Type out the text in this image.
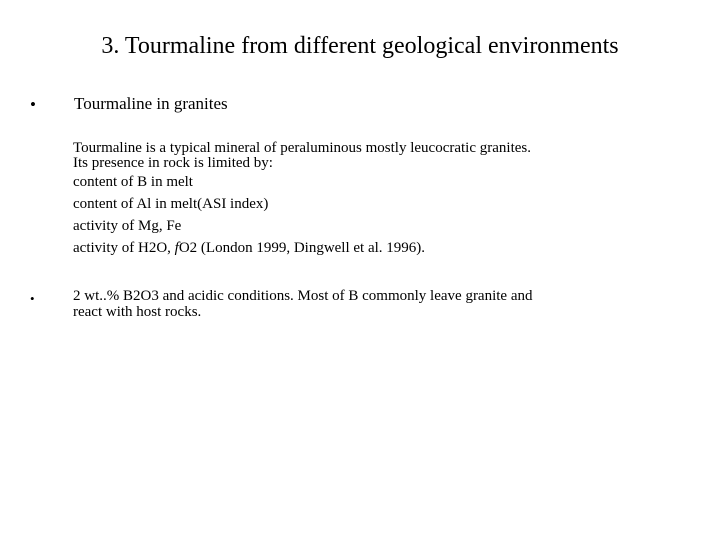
3. Tourmaline from different geological environments
• Tourmaline in granites
Tourmaline is a typical mineral of peraluminous mostly leucocratic granites.
Its presence in rock is limited by:
content of B in melt
content of Al in melt(ASI index)
activity of Mg, Fe
activity of H2O, fO2 (London 1999, Dingwell et al. 1996).
•	2 wt..% B2O3 and acidic conditions. Most of B commonly leave granite and
react with host rocks.
